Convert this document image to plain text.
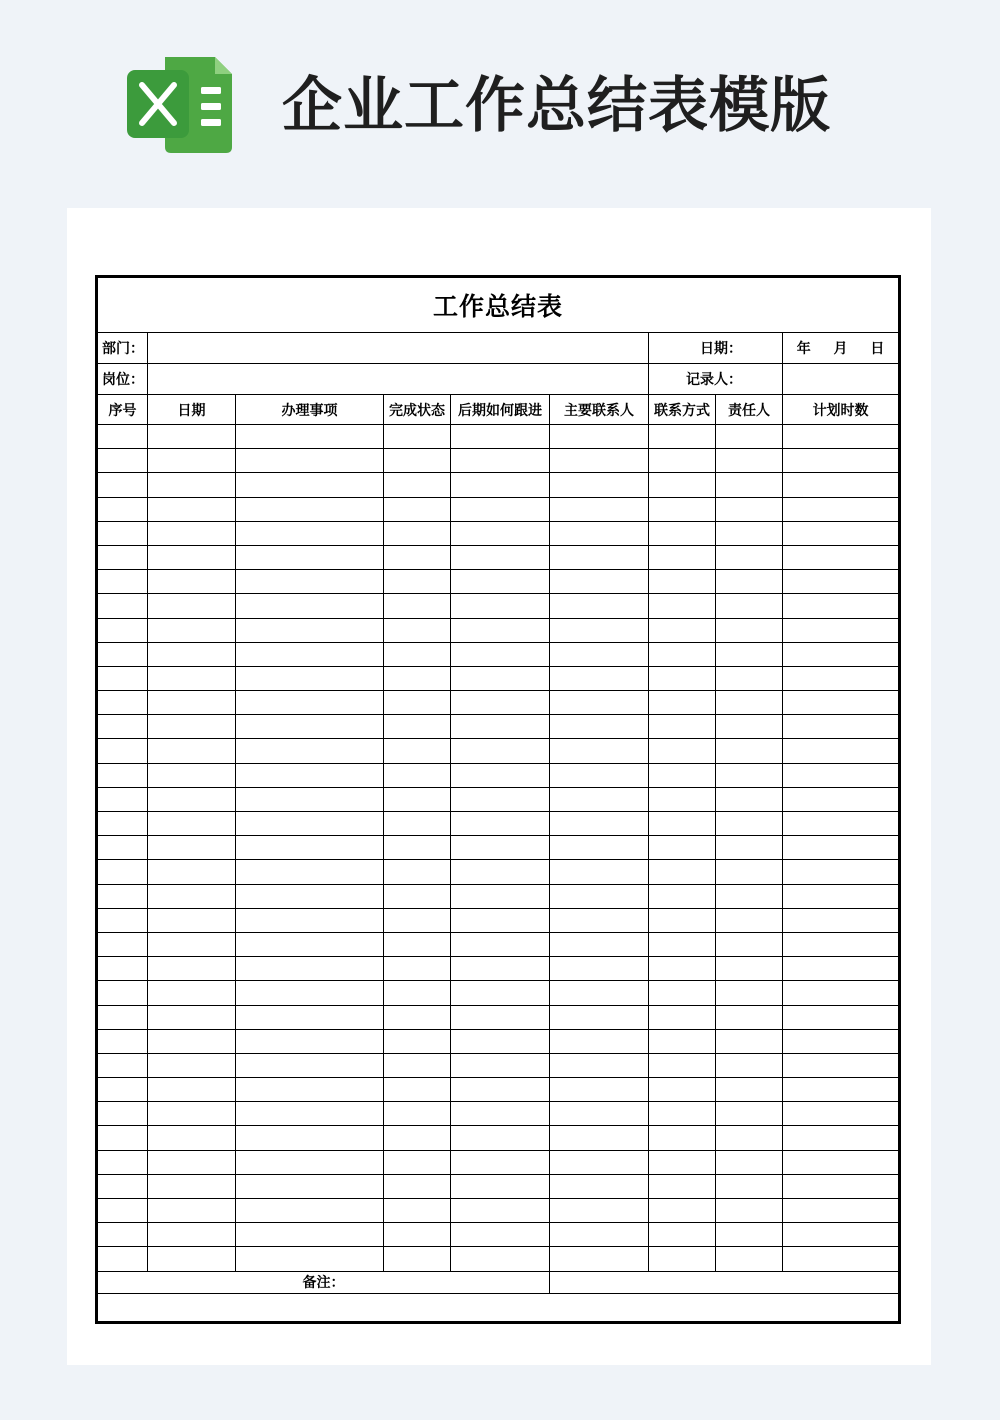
企业工作总结表模版
工作总结表								
部门：						日期：		年 月 日
岗位：						记录人：		
序号	日期	办理事项	完成状态	后期如何跟进	主要联系人	联系方式	责任人	计划时数

备注：								
